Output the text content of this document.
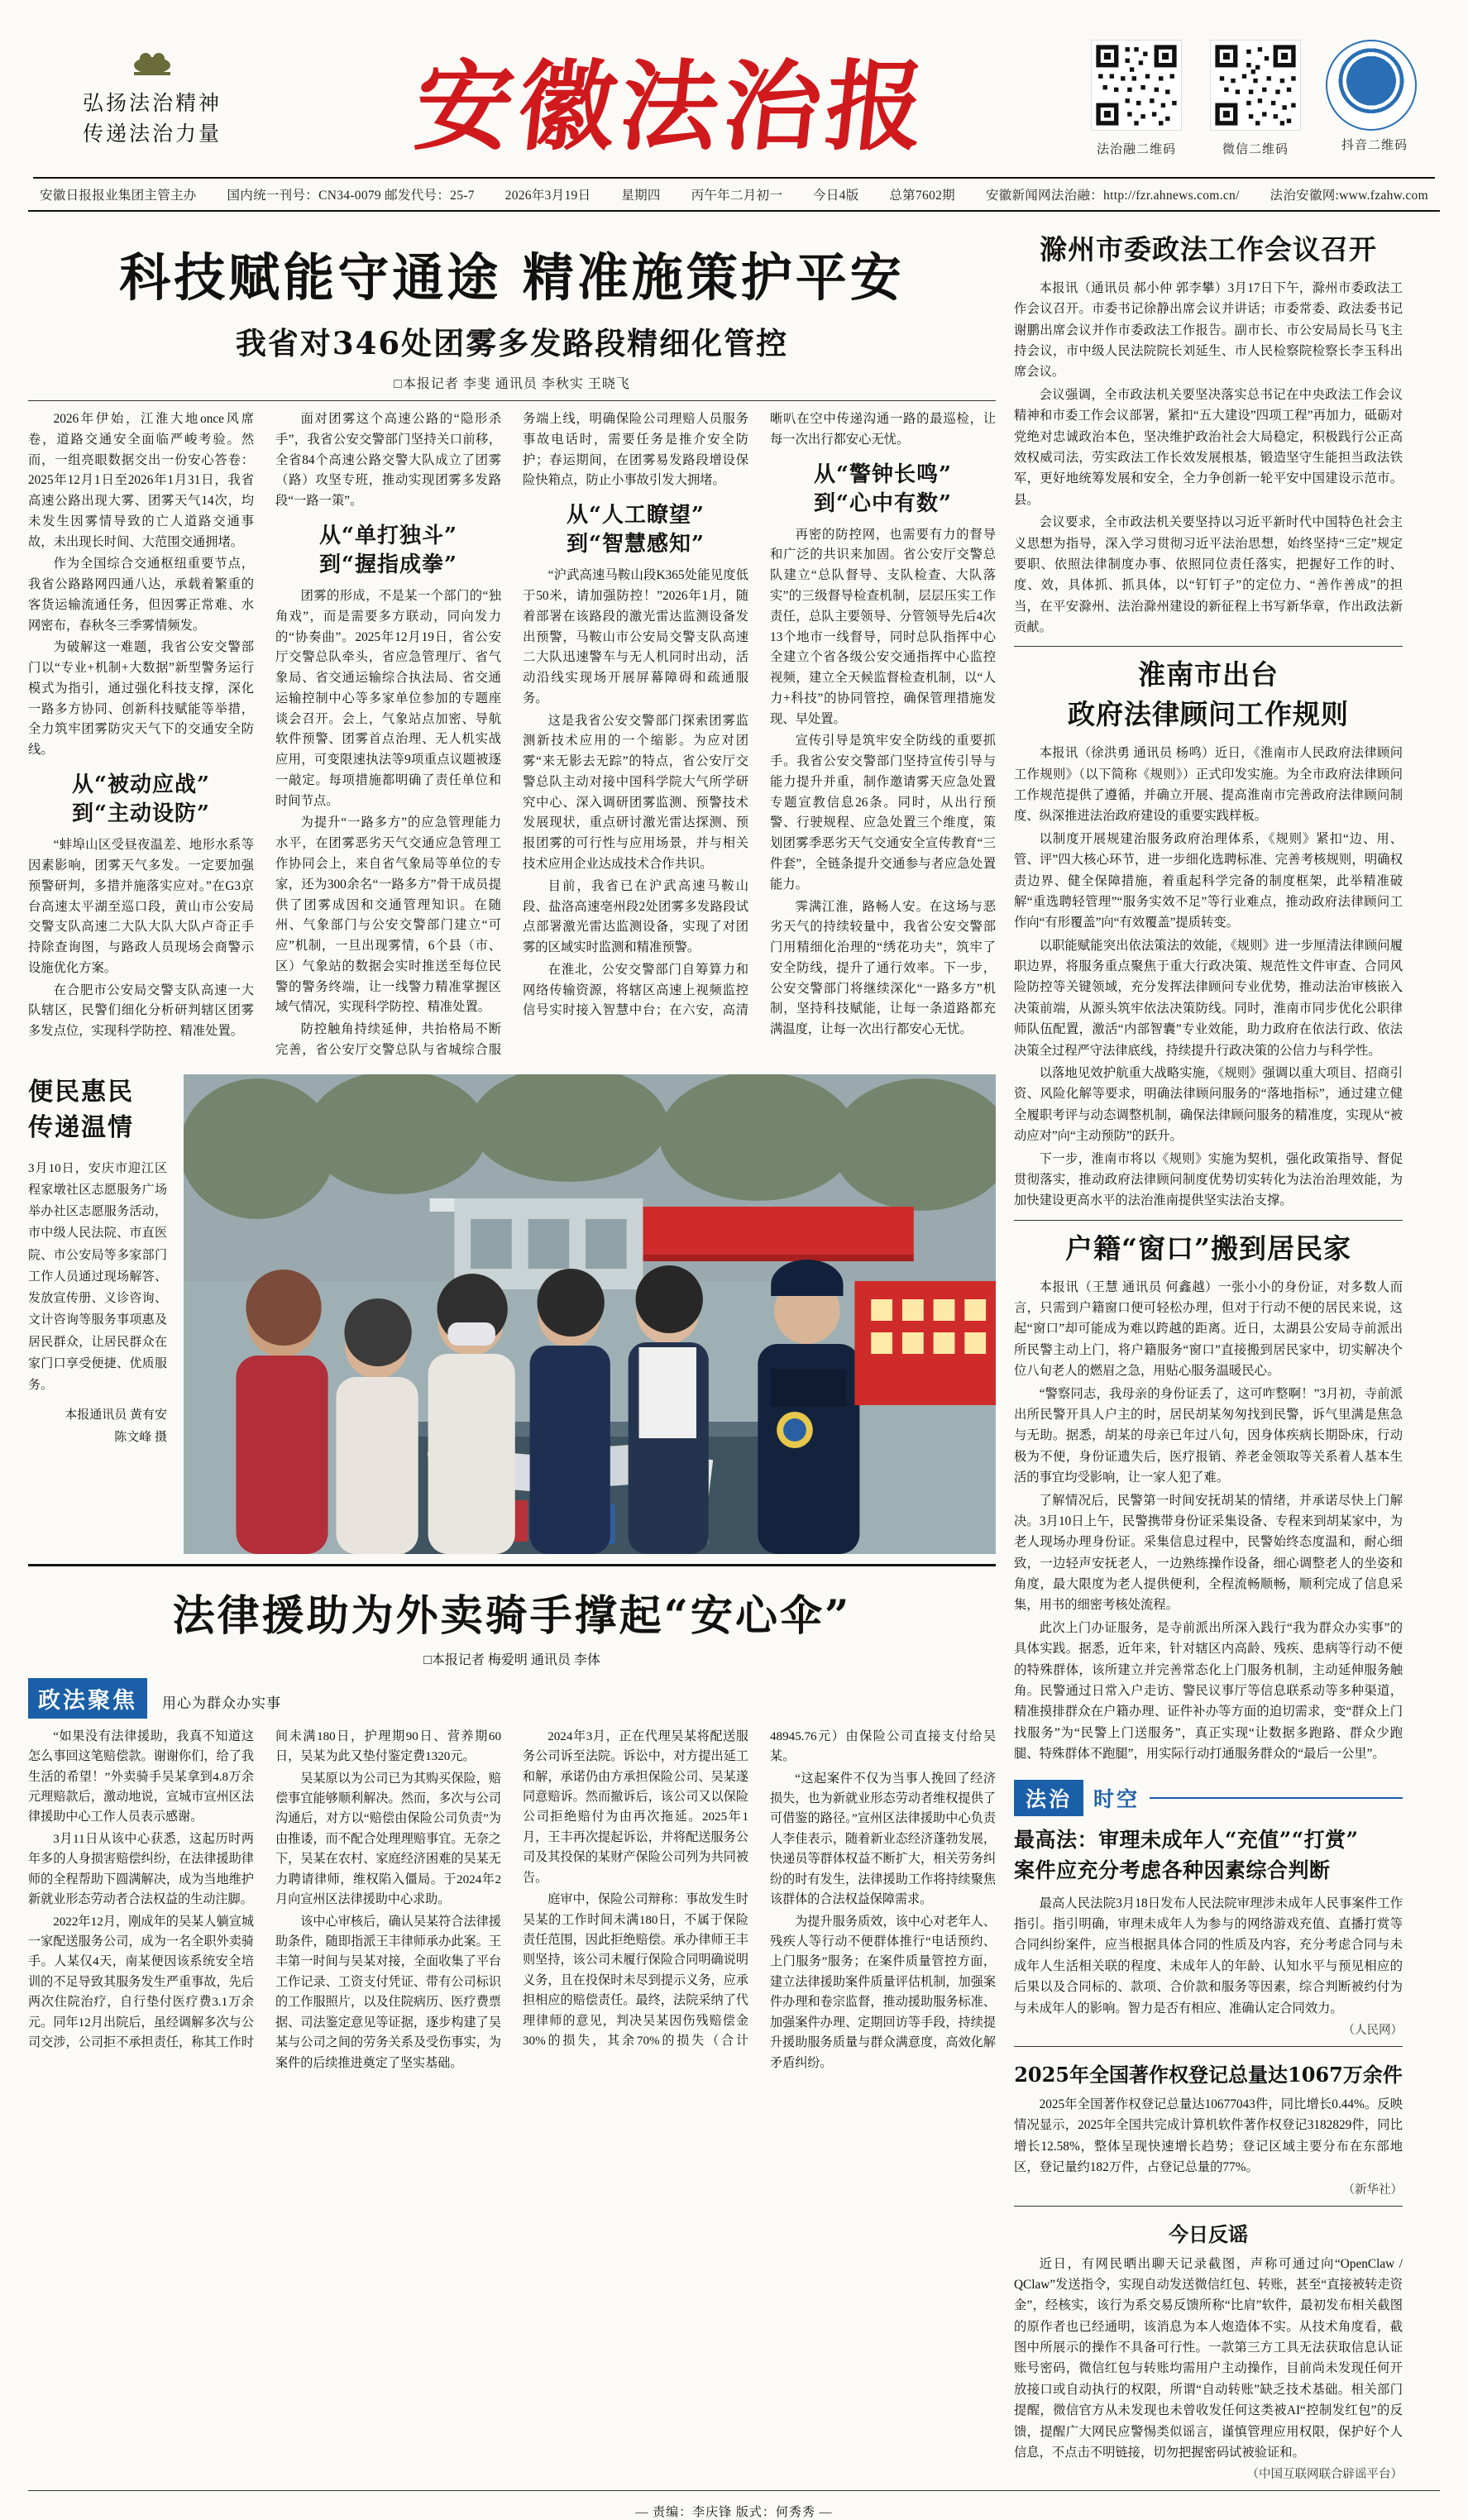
弘扬法治精神
传递法治力量	安徽法治报	法治融二维码	微信二维码	抖音二维码
安徽日报报业集团主管主办 国内统一刊号：CN34-0079 邮发代号：25-7 2026年3月19日 星期四 丙午年二月初一 今日4版 总第7602期 安徽新闻网法治融：http://fzr.ahnews.com.cn/ 法治安徽网:www.fzahw.com
科技赋能守通途 精准施策护平安
我省对346处团雾多发路段精细化管控
□本报记者 李斐 通讯员 李秋实 王晓飞

2026年伊始，江淮大地once风席卷，道路交通安全面临严峻考验。然而，一组亮眼数据交出一份安心答卷：2025年12月1日至2026年1月31日，我省高速公路出现大雾、团雾天气14次，均未发生因雾情导致的亡人道路交通事故，未出现长时间、大范围交通拥堵。

作为全国综合交通枢纽重要节点，我省公路路网四通八达，承载着繁重的客货运输流通任务，但因雾正常难、水网密布，春秋冬三季雾情频发。

为破解这一难题，我省公安交警部门以“专业+机制+大数据”新型警务运行模式为指引，通过强化科技支撑，深化一路多方协同、创新科技赋能等举措，全力筑牢团雾防灾天气下的交通安全防线。

从“被动应战”
到“主动设防”

“蚌埠山区受昼夜温差、地形水系等因素影响，团雾天气多发。一定要加强预警研判，多措并施落实应对。”在G3京台高速太平湖至巡口段，黄山市公安局交警支队高速二大队大队大队卢奇正手持除查询图，与路政人员现场会商警示设施优化方案。

在合肥市公安局交警支队高速一大队辖区，民警们细化分析研判辖区团雾多发点位，实现科学防控、精准处置。

面对团雾这个高速公路的“隐形杀手”，我省公安交警部门坚持关口前移，全省84个高速公路交警大队成立了团雾（路）攻坚专班，推动实现团雾多发路段“一路一策”。

从“单打独斗”
到“握指成拳”

团雾的形成，不是某一个部门的“独角戏”，而是需要多方联动，同向发力的“协奏曲”。2025年12月19日，省公安厅交警总队牵头，省应急管理厅、省气象局、省交通运输综合执法局、省交通运输控制中心等多家单位参加的专题座谈会召开。会上，气象站点加密、导航软件预警、团雾首点治理、无人机实战应用，可变限速执法等9项重点议题被逐一敲定。每项措施都明确了责任单位和时间节点。

为提升“一路多方”的应急管理能力水平，在团雾恶劣天气交通应急管理工作协同会上，来自省气象局等单位的专家，还为300余名“一路多方”骨干成员提供了团雾成因和交通管理知识。在随州、气象部门与公安交警部门建立“可应”机制，一旦出现雾情，6个县（市、区）气象站的数据会实时推送至每位民警的警务终端，让一线警力精准掌握区域气情况，实现科学防控、精准处置。

防控触角持续延伸，共抬格局不断完善，省公安厅交警总队与省城综合服务端上线，明确保险公司理赔人员服务事故电话时，需要任务是推介安全防护；春运期间，在团雾易发路段增设保险快箱点，防止小事故引发大拥堵。

从“人工瞭望”
到“智慧感知”

“沪武高速马鞍山段K365处能见度低于50米，请加强防控！”2026年1月，随着部署在该路段的激光雷达监测设备发出预警，马鞍山市公安局交警支队高速二大队迅速警车与无人机同时出动，活动沿线实现场开展屏幕障碍和疏通服务。

这是我省公安交警部门探索团雾监测新技术应用的一个缩影。为应对团雾“来无影去无踪”的特点，省公安厅交警总队主动对接中国科学院大气所学研究中心、深入调研团雾监测、预警技术发展现状，重点研讨激光雷达探测、预报团雾的可行性与应用场景，并与相关技术应用企业达成技术合作共识。

目前，我省已在沪武高速马鞍山段、盐洛高速亳州段2处团雾多发路段试点部署激光雷达监测设备，实现了对团雾的区域实时监测和精准预警。

在淮北，公安交警部门自筹算力和网络传输资源，将辖区高速上视频监控信号实时接入智慧中台；在六安，高清晰叭在空中传递沟通一路的最巡检，让每一次出行都安心无忧。

从“警钟长鸣”
到“心中有数”

再密的防控网，也需要有力的督导和广泛的共识来加固。省公安厅交警总队建立“总队督导、支队检查、大队落实”的三级督导检查机制，层层压实工作责任，总队主要领导、分管领导先后4次13个地市一线督导，同时总队指挥中心全建立个省各级公安交通指挥中心监控视频，建立全天候监督检查机制，以“人力+科技”的协同管控，确保管理措施发现、早处置。

宣传引导是筑牢安全防线的重要抓手。我省公安交警部门坚持宣传引导与能力提升并重，制作邀请雾天应急处置专题宣教信息26条。同时，从出行预警、行驶规程、应急处置三个维度，策划团雾季恶劣天气交通安全宣传教育“三件套”，全链条提升交通参与者应急处置能力。

霁满江淮，路畅人安。在这场与恶劣天气的持续较量中，我省公安交警部门用精细化治理的“绣花功夫”，筑牢了安全防线，提升了通行效率。下一步，公安交警部门将继续深化“一路多方”机制，坚持科技赋能，让每一条道路都充满温度，让每一次出行都安心无忧。

便民惠民
传递温情
3月10日，安庆市迎江区程家墩社区志愿服务广场举办社区志愿服务活动，市中级人民法院、市直医院、市公安局等多家部门工作人员通过现场解答、发放宣传册、义诊咨询、文计咨询等服务事项惠及居民群众，让居民群众在家门口享受便捷、优质服务。
本报通讯员 黄有安
陈文峰 摄
法律援助为外卖骑手撑起“安心伞”
□本报记者 梅爱明 通讯员 李体
政法聚焦 用心为群众办实事

“如果没有法律援助，我真不知道这怎么事回这笔赔偿款。谢谢你们，给了我生活的希望！”外卖骑手吴某拿到4.8万余元理赔款后，激动地说，宣城市宣州区法律援助中心工作人员表示感谢。

3月11日从该中心获悉，这起历时两年多的人身损害赔偿纠纷，在法律援助律师的全程帮助下圆满解决，成为当地维护新就业形态劳动者合法权益的生动注脚。

2022年12月，刚成年的吴某人躺宣城一家配送服务公司，成为一名全职外卖骑手。人某仅4天，南某便因该系统安全培训的不足导致其服务发生严重事故，先后两次住院治疗，自行垫付医疗费3.1万余元。同年12月出院后，虽经调解多次与公司交涉，公司拒不承担责任，称其工作时间未满180日，护理期90日、营养期60日，吴某为此又垫付鉴定费1320元。

吴某原以为公司已为其购买保险，赔偿事宜能够顺利解决。然而，多次与公司沟通后，对方以“赔偿由保险公司负责”为由推诿，而不配合处理理赔事宜。无奈之下，吴某在农村、家庭经济困难的吴某无力聘请律师，维权陷入僵局。于2024年2月向宣州区法律援助中心求助。

该中心审核后，确认吴某符合法律援助条件，随即指派王丰律师承办此案。王丰第一时间与吴某对接，全面收集了平台工作记录、工资支付凭证、带有公司标识的工作服照片，以及住院病历、医疗费票据、司法鉴定意见等证据，逐步构建了吴某与公司之间的劳务关系及受伤事实，为案件的后续推进奠定了坚实基础。

2024年3月，正在代理吴某将配送服务公司诉至法院。诉讼中，对方提出延工和解，承诺仍由方承担保险公司、吴某遂同意赔诉。然而撤诉后，该公司又以保险公司拒绝赔付为由再次拖延。2025年1月，王丰再次提起诉讼，并将配送服务公司及其投保的某财产保险公司列为共同被告。

庭审中，保险公司辩称：事故发生时吴某的工作时间未满180日，不属于保险责任范围，因此拒绝赔偿。承办律师王丰则坚持，该公司未履行保险合同明确说明义务，且在投保时未尽到提示义务，应承担相应的赔偿责任。最终，法院采纳了代理律师的意见，判决吴某因伤残赔偿金30%的损失，其余70%的损失（合计48945.76元）由保险公司直接支付给吴某。

“这起案件不仅为当事人挽回了经济损失，也为新就业形态劳动者维权提供了可借鉴的路径。”宣州区法律援助中心负责人李佳表示，随着新业态经济蓬勃发展，快递员等群体权益不断扩大，相关劳务纠纷的时有发生，法律援助工作将持续聚焦该群体的合法权益保障需求。

为提升服务质效，该中心对老年人、残疾人等行动不便群体推行“电话预约、上门服务”服务；在案件质量管控方面，建立法律援助案件质量评估机制，加强案件办理和卷宗监督，推动援助服务标准、加强案件办理、定期回访等手段，持续提升援助服务质量与群众满意度，高效化解矛盾纠纷。

滁州市委政法工作会议召开

本报讯（通讯员 郝小仲 郭李攀）3月17日下午，滁州市委政法工作会议召开。市委书记徐静出席会议并讲话；市委常委、政法委书记谢鹏出席会议并作市委政法工作报告。副市长、市公安局局长马飞主持会议，市中级人民法院院长刘延生、市人民检察院检察长李玉科出席会议。

会议强调，全市政法机关要坚决落实总书记在中央政法工作会议精神和市委工作会议部署，紧扣“五大建设”四项工程”再加力，砥砺对党绝对忠诚政治本色，坚决维护政治社会大局稳定，积极践行公正高效权威司法，劳实政法工作长效发展根基，锻造坚守生能担当政法铁军，更好地统筹发展和安全，全力争创新一轮平安中国建设示范市。县。

会议要求，全市政法机关要坚持以习近平新时代中国特色社会主义思想为指导，深入学习贯彻习近平法治思想，始终坚持“三定”规定要职、依照法律制度办事、依照同位责任落实，把握好工作的时、度、效，具体抓、抓具体，以“钉钉子”的定位力、“善作善成”的担当，在平安滁州、法治滁州建设的新征程上书写新华章，作出政法新贡献。

淮南市出台
政府法律顾问工作规则

本报讯（徐洪勇 通讯员 杨鸣）近日，《淮南市人民政府法律顾问工作规则》（以下简称《规则》）正式印发实施。为全市政府法律顾问工作规范提供了遵循，并确立开展、提高淮南市完善政府法律顾问制度、纵深推进法治政府建设的重要实践样板。

以制度开展规建治服务政府治理体系，《规则》紧扣“边、用、管、评”四大核心环节，进一步细化选聘标准、完善考核规则，明确权责边界、健全保障措施，着重起科学完备的制度框架，此举精准破解“重选聘轻管理”“服务实效不足”等行业难点，推动政府法律顾问工作向“有形覆盖”向“有效覆盖”提质转变。

以职能赋能突出依法策法的效能，《规则》进一步厘清法律顾问履职边界，将服务重点聚焦于重大行政决策、规范性文件审查、合同风险防控等关键领域，充分发挥法律顾问专业优势，推动法治审核嵌入决策前端，从源头筑牢依法决策防线。同时，淮南市同步优化公职律师队伍配置，激活“内部智囊”专业效能，助力政府在依法行政、依法决策全过程严守法律底线，持续提升行政决策的公信力与科学性。

以落地见效护航重大战略实施，《规则》强调以重大项目、招商引资、风险化解等要求，明确法律顾问服务的“落地指标”，通过建立健全履职考评与动态调整机制，确保法律顾问服务的精准度，实现从“被动应对”向“主动预防”的跃升。

下一步，淮南市将以《规则》实施为契机，强化政策指导、督促贯彻落实，推动政府法律顾问制度优势切实转化为法治治理效能，为加快建设更高水平的法治淮南提供坚实法治支撑。

户籍“窗口”搬到居民家

本报讯（王慧 通讯员 何鑫越）一张小小的身份证，对多数人而言，只需到户籍窗口便可轻松办理，但对于行动不便的居民来说，这起“窗口”却可能成为难以跨越的距离。近日，太湖县公安局寺前派出所民警主动上门，将户籍服务“窗口”直接搬到居民家中，切实解决个位八旬老人的燃眉之急，用贴心服务温暖民心。

“警察同志，我母亲的身份证丢了，这可咋整啊！”3月初，寺前派出所民警开具人户主的时，居民胡某匆匆找到民警，诉气里满是焦急与无助。据悉，胡某的母亲已年过八旬，因身体疾病长期卧床，行动极为不便，身份证遗失后，医疗报销、养老金领取等关系着人基本生活的事宜均受影响，让一家人犯了难。

了解情况后，民警第一时间安抚胡某的情绪，并承诺尽快上门解决。3月10日上午，民警携带身份证采集设备、专程来到胡某家中，为老人现场办理身份证。采集信息过程中，民警始终态度温和，耐心细致，一边轻声安抚老人，一边熟练操作设备，细心调整老人的坐姿和角度，最大限度为老人提供便利，全程流畅顺畅，顺利完成了信息采集，用书的细密考核处流程。

此次上门办证服务，是寺前派出所深入践行“我为群众办实事”的具体实践。据悉，近年来，针对辖区内高龄、残疾、患病等行动不便的特殊群体，该所建立并完善常态化上门服务机制，主动延伸服务触角。民警通过日常入户走访、警民议事厅等信息联系动等多种渠道，精准摸排群众在户籍办理、证件补办等方面的迫切需求，变“群众上门找服务”为“民警上门送服务”，真正实现“让数据多跑路、群众少跑腿、特殊群体不跑腿”，用实际行动打通服务群众的“最后一公里”。

法治	时空
最高法：审理未成年人“充值”“打赏”
案件应充分考虑各种因素综合判断

最高人民法院3月18日发布人民法院审理涉未成年人民事案件工作指引。指引明确，审理未成年人为参与的网络游戏充值、直播打赏等合同纠纷案件，应当根据具体合同的性质及内容，充分考虑合同与未成年人生活相关联的程度、未成年人的年龄、认知水平与预见相应的后果以及合同标的、款项、合价款和服务等因素，综合判断被约付为与未成年人的影响。智力是否有相应、准确认定合同效力。

（人民网）
2025年全国著作权登记总量达1067万余件

2025年全国著作权登记总量达10677043件，同比增长0.44%。反映情况显示，2025年全国共完成计算机软件著作权登记3182829件，同比增长12.58%，整体呈现快速增长趋势；登记区域主要分布在东部地区，登记量约182万件，占登记总量的77%。

（新华社）
今日反谣

近日，有网民晒出聊天记录截图，声称可通过向“OpenClaw / QClaw”发送指令，实现自动发送微信红包、转账，甚至“直接被转走资金”，经核实，该行为系交易反馈所称“比肩”软件，最初发布相关截图的原作者也已经通明，该消息为本人炮造体不实。从技术角度看，截图中所展示的操作不具备可行性。一款第三方工具无法获取信息认证账号密码，微信红包与转账均需用户主动操作，目前尚未发现任何开放接口或自动执行的权限，所谓“自动转账”缺乏技术基础。相关部门提醒，微信官方从未发现也未曾收发任何这类被AI“控制发红包”的反馈，提醒广大网民应警惕类似谣言，谨慎管理应用权限，保护好个人信息，不点击不明链接，切勿把握密码试被验证和。

（中国互联网联合辟谣平台）
— 责编：李庆锋 版式：何秀秀 —
